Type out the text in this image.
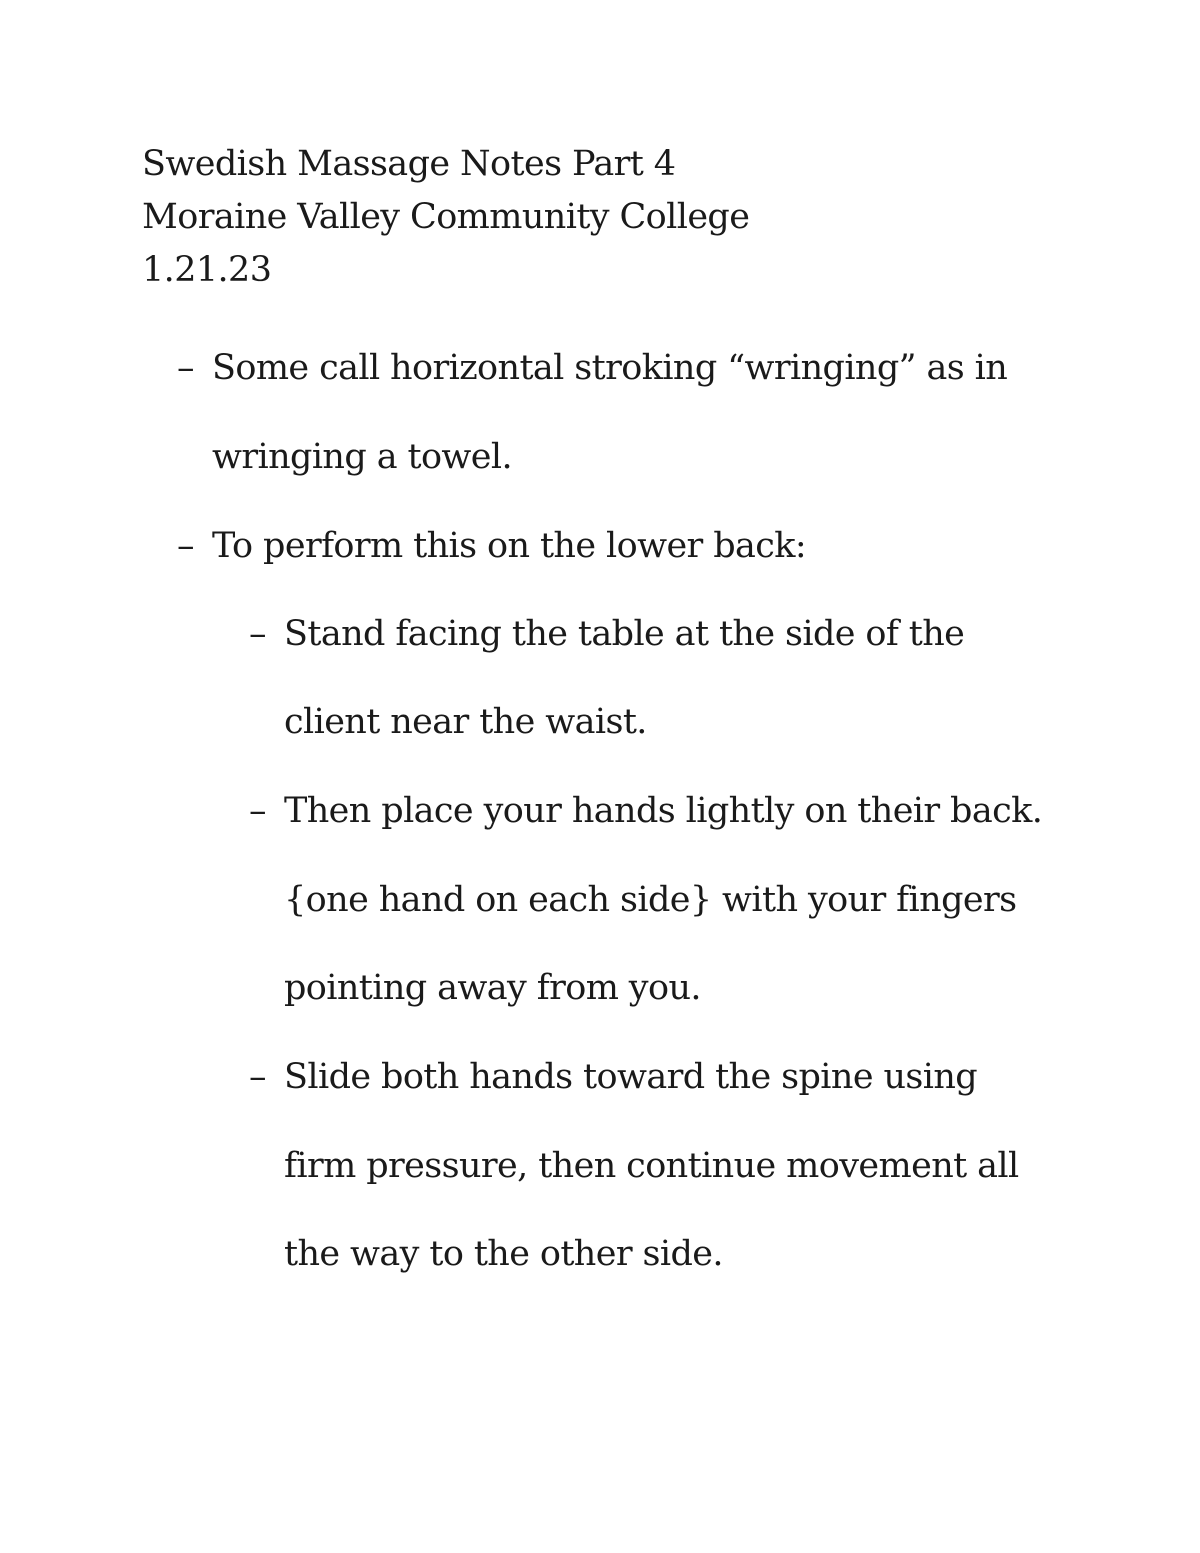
Swedish Massage Notes Part 4
Moraine Valley Community College
1.21.23
– Some call horizontal stroking “wringing” as in
wringing a towel.
– To perform this on the lower back:
– Stand facing the table at the side of the
client near the waist.
– Then place your hands lightly on their back.
{one hand on each side} with your fingers
pointing away from you.
– Slide both hands toward the spine using
firm pressure, then continue movement all
the way to the other side.
